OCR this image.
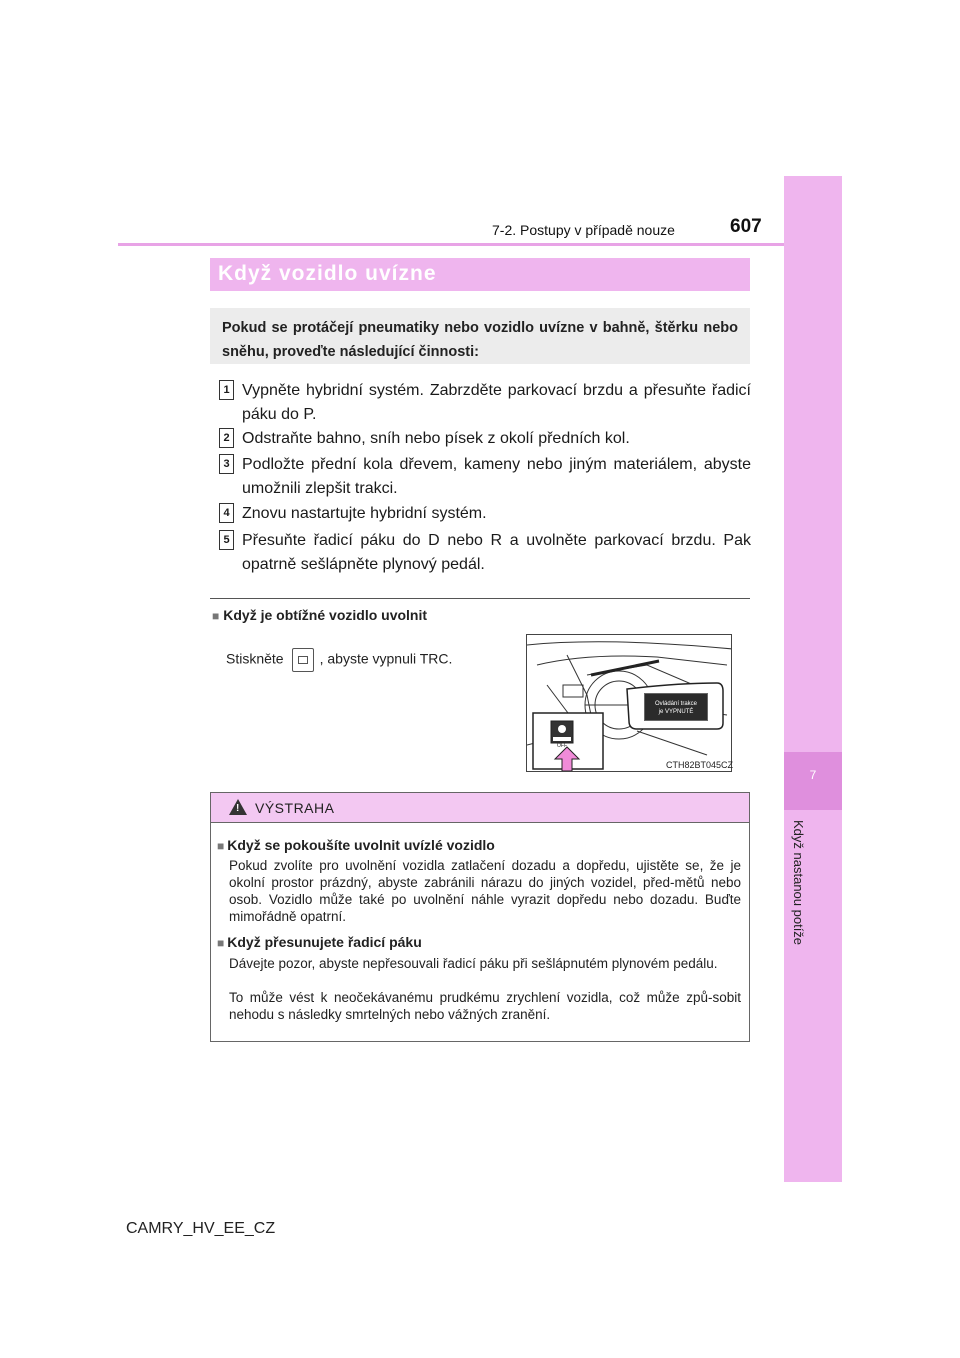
7
Když nastanou potíže
7-2. Postupy v případě nouze	607
Když vozidlo uvízne
Pokud se protáčejí pneumatiky nebo vozidlo uvízne v bahně, štěrku nebo sněhu, proveďte následující činnosti:
1 Vypněte hybridní systém. Zabrzděte parkovací brzdu a přesuňte řadicí páku do P.
2 Odstraňte bahno, sníh nebo písek z okolí předních kol.
3 Podložte přední kola dřevem, kameny nebo jiným materiálem, abyste umožnili zlepšit trakci.
4 Znovu nastartujte hybridní systém.
5 Přesuňte řadicí páku do D nebo R a uvolněte parkovací brzdu. Pak opatrně sešlápněte plynový pedál.
■ Když je obtížné vozidlo uvolnit
Stiskněte	, abyste vypnuli TRC.
OFF
Ovládání trakce
je VYPNUTÉ
CTH82BT045CZ
!
VÝSTRAHA
■ Když se pokoušíte uvolnit uvízlé vozidlo
Pokud zvolíte pro uvolnění vozidla zatlačení dozadu a dopředu, ujistěte se, že je okolní prostor prázdný, abyste zabránili nárazu do jiných vozidel, před-mětů nebo osob. Vozidlo může také po uvolnění náhle vyrazit dopředu nebo dozadu. Buďte mimořádně opatrní.
■ Když přesunujete řadicí páku
Dávejte pozor, abyste nepřesouvali řadicí páku při sešlápnutém plynovém pedálu.
To může vést k neočekávanému prudkému zrychlení vozidla, což může způ-sobit nehodu s následky smrtelných nebo vážných zranění.
CAMRY_HV_EE_CZ
